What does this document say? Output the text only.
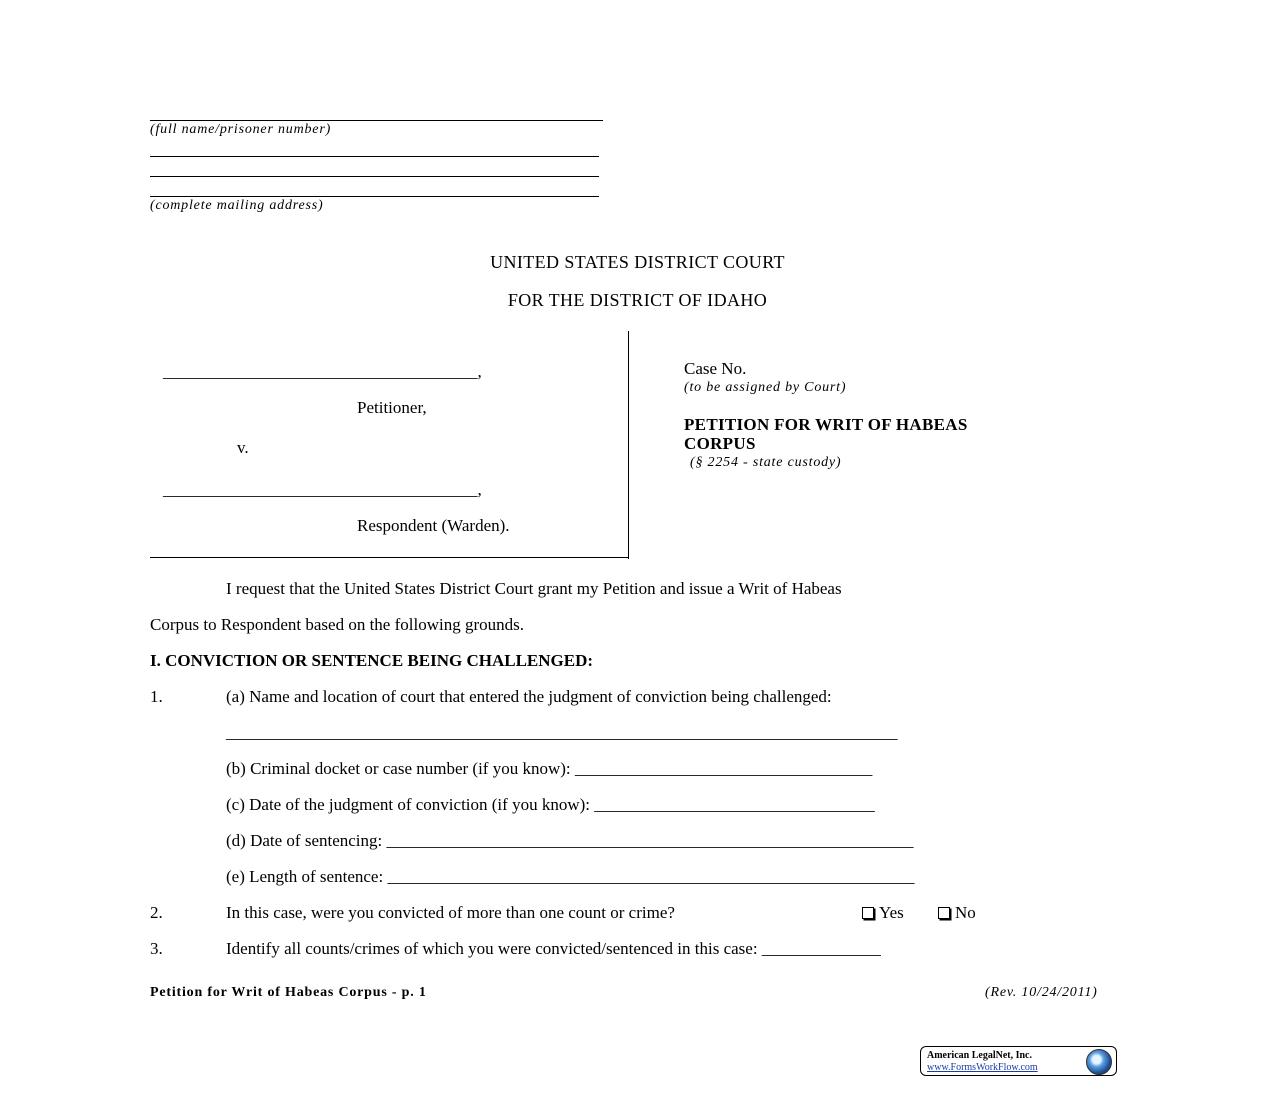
(full name/prisoner number)
(complete mailing address)
UNITED STATES DISTRICT COURT
FOR THE DISTRICT OF IDAHO
_____________________________________,
Petitioner,
v.
_____________________________________,
Respondent (Warden).
Case No.
(to be assigned by Court)
PETITION FOR WRIT OF HABEAS
CORPUS
(§ 2254 - state custody)
I request that the United States District Court grant my Petition and issue a Writ of Habeas
Corpus to Respondent based on the following grounds.
I. CONVICTION OR SENTENCE BEING CHALLENGED:
1.	(a) Name and location of court that entered the judgment of conviction being challenged:
_______________________________________________________________________________
(b) Criminal docket or case number (if you know): ___________________________________
(c) Date of the judgment of conviction (if you know): _________________________________
(d) Date of sentencing: ______________________________________________________________
(e) Length of sentence: ______________________________________________________________
2.	In this case, were you convicted of more than one count or crime?	Yes	No
3.	Identify all counts/crimes of which you were convicted/sentenced in this case: ______________
Petition for Writ of Habeas Corpus - p. 1	(Rev. 10/24/2011)
American LegalNet, Inc.
www.FormsWorkFlow.com
